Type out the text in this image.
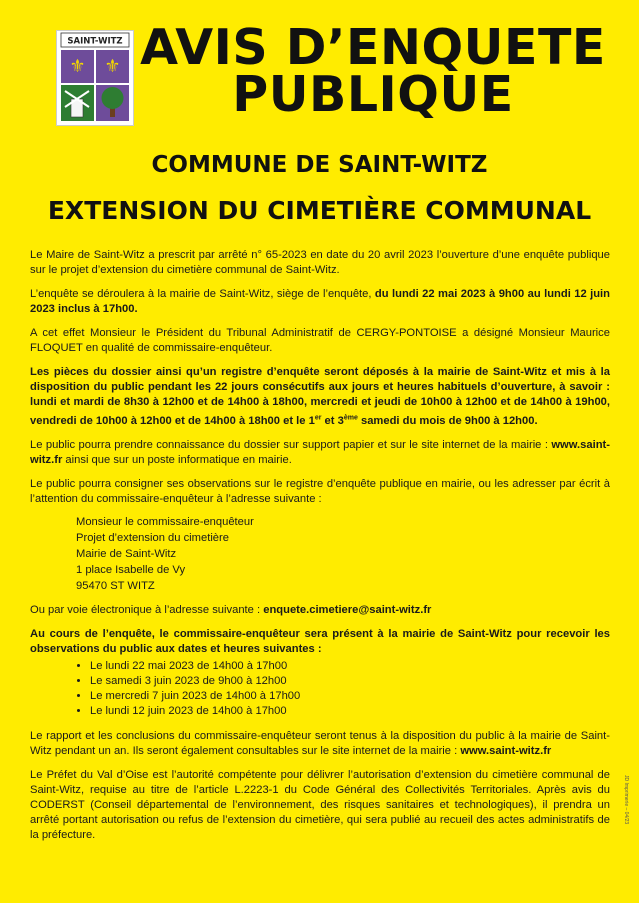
SAINT-WITZ
⚜ ⚜ AVIS D’ENQUETE
PUBLIQUE
COMMUNE DE SAINT-WITZ
EXTENSION DU CIMETIÈRE COMMUNAL

Le Maire de Saint-Witz a prescrit par arrêté n° 65-2023 en date du 20 avril 2023 l’ouverture d’une enquête publique sur le projet d’extension du cimetière communal de Saint-Witz.

L’enquête se déroulera à la mairie de Saint-Witz, siège de l’enquête, du lundi 22 mai 2023 à 9h00 au lundi 12 juin 2023 inclus à 17h00.

A cet effet Monsieur le Président du Tribunal Administratif de CERGY-PONTOISE a désigné Monsieur Maurice FLOQUET en qualité de commissaire-enquêteur.

Les pièces du dossier ainsi qu’un registre d’enquête seront déposés à la mairie de Saint-Witz et mis à la disposition du public pendant les 22 jours consécutifs aux jours et heures habituels d’ouverture, à savoir : lundi et mardi de 8h30 à 12h00 et de 14h00 à 18h00, mercredi et jeudi de 10h00 à 12h00 et de 14h00 à 19h00, vendredi de 10h00 à 12h00 et de 14h00 à 18h00 et le 1er et 3ème samedi du mois de 9h00 à 12h00.

Le public pourra prendre connaissance du dossier sur support papier et sur le site internet de la mairie : www.saint-witz.fr ainsi que sur un poste informatique en mairie.

Le public pourra consigner ses observations sur le registre d’enquête publique en mairie, ou les adresser par écrit à l’attention du commissaire-enquêteur à l’adresse suivante :

Monsieur le commissaire-enquêteur
Projet d’extension du cimetière
Mairie de Saint-Witz
1 place Isabelle de Vy
95470 ST WITZ

Ou par voie électronique à l’adresse suivante : enquete.cimetiere@saint-witz.fr

Au cours de l’enquête, le commissaire-enquêteur sera présent à la mairie de Saint-Witz pour recevoir les observations du public aux dates et heures suivantes :

• Le lundi 22 mai 2023 de 14h00 à 17h00
• Le samedi 3 juin 2023 de 9h00 à 12h00
• Le mercredi 7 juin 2023 de 14h00 à 17h00
• Le lundi 12 juin 2023 de 14h00 à 17h00

Le rapport et les conclusions du commissaire-enquêteur seront tenus à la disposition du public à la mairie de Saint-Witz pendant un an. Ils seront également consultables sur le site internet de la mairie : www.saint-witz.fr

Le Préfet du Val d’Oise est l’autorité compétente pour délivrer l’autorisation d’extension du cimetière communal de Saint-Witz, requise au titre de l’article L.2223-1 du Code Général des Collectivités Territoriales. Après avis du CODERST (Conseil départemental de l’environnement, des risques sanitaires et technologiques), il prendra un arrêté portant autorisation ou refus de l’extension du cimetière, qui sera publié au recueil des actes administratifs de la préfecture.

JD Imprimerie – 04/23
